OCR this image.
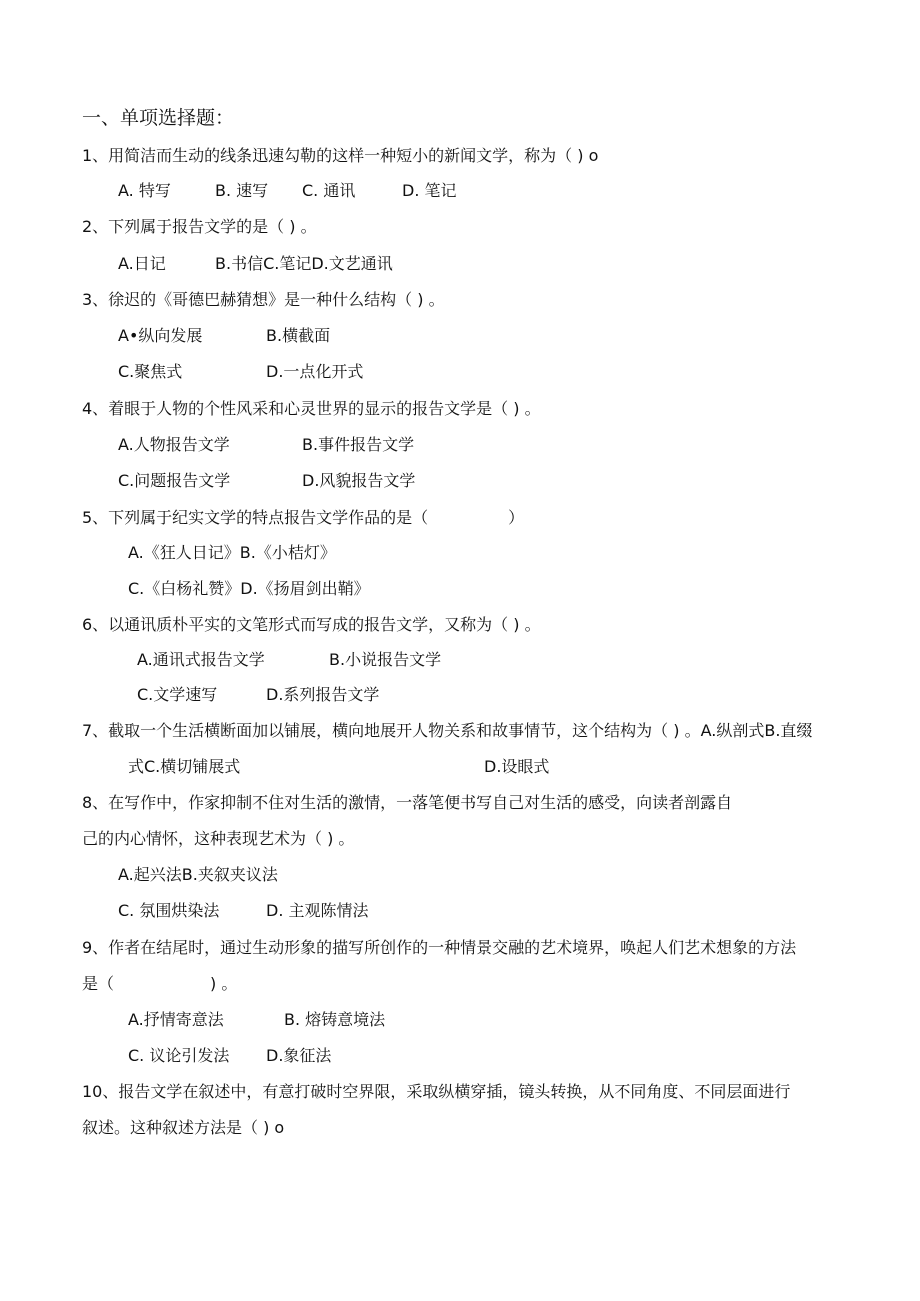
一、单项选择题：
1、用简洁而生动的线条迅速勾勒的这样一种短小的新闻文学，称为（ ) o
A. 特写	B. 速写 C. 通讯	D. 笔记
2、下列属于报告文学的是（ ) 。
A.日记	B.书信C.笔记D.文艺通讯
3、徐迟的《哥德巴赫猜想》是一种什么结构（ ) 。
A•纵向发展	B.横截面
C.聚焦式	D.一点化开式
4、着眼于人物的个性风采和心灵世界的显示的报告文学是（ ) 。
A.人物报告文学	B.事件报告文学
C.问题报告文学	D.风貌报告文学
5、下列属于纪实文学的特点报告文学作品的是（　　　　　）
A.《狂人日记》B.《小桔灯》
C.《白杨礼赞》D.《扬眉剑出鞘》
6、以通讯质朴平实的文笔形式而写成的报告文学，又称为（ ) 。
A.通讯式报告文学	B.小说报告文学
C.文学速写	D.系列报告文学
7、截取一个生活横断面加以铺展，横向地展开人物关系和故事情节，这个结构为（ ) 。A.纵剖式B.直缀
式C.横切铺展式	D.设眼式
8、在写作中，作家抑制不住对生活的激情，一落笔便书写自己对生活的感受，向读者剖露自
己的内心情怀，这种表现艺术为（ ) 。
A.起兴法B.夹叙夹议法
C. 氛围烘染法	D. 主观陈情法
9、作者在结尾时，通过生动形象的描写所创作的一种情景交融的艺术境界，唤起人们艺术想象的方法
是（　　　　　　) 。
A.抒情寄意法	B. 熔铸意境法
C. 议论引发法 D.象征法
10、报告文学在叙述中，有意打破时空界限，采取纵横穿插，镜头转换，从不同角度、不同层面进行
叙述。这种叙述方法是（ ) o
